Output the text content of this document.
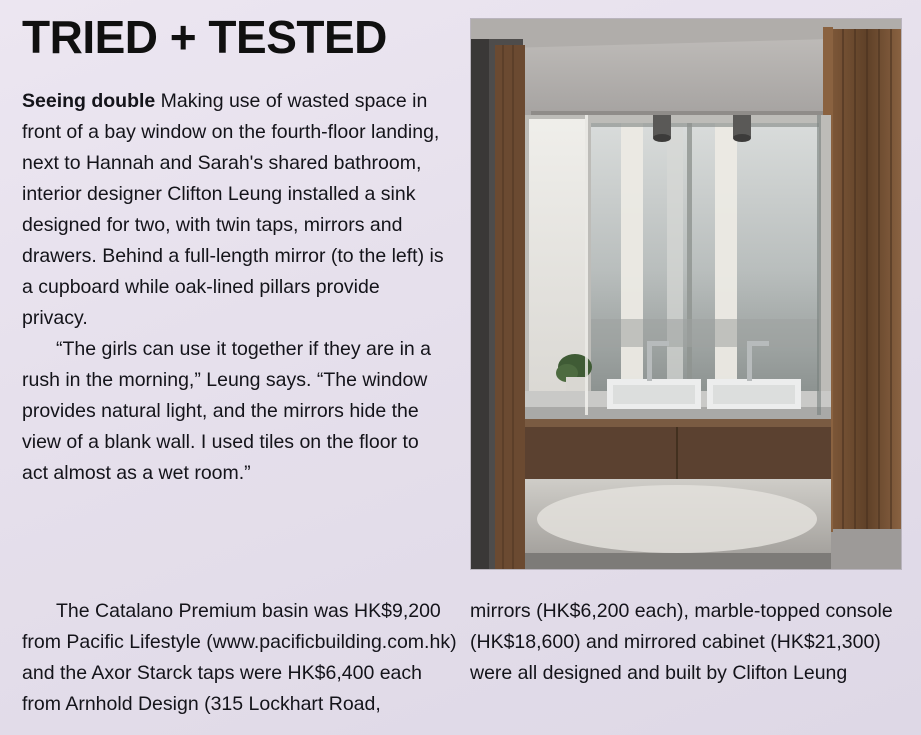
TRIED + TESTED

Seeing double Making use of wasted space in front of a bay window on the fourth-floor landing, next to Hannah and Sarah's shared bathroom, interior designer Clifton Leung installed a sink designed for two, with twin taps, mirrors and drawers. Behind a full-length mirror (to the left) is a cupboard while oak-lined pillars provide privacy.

“The girls can use it together if they are in a rush in the morning,” Leung says. “The window provides natural light, and the mirrors hide the view of a blank wall. I used tiles on the floor to act almost as a wet room.”

The Catalano Premium basin was HK$9,200 from Pacific Lifestyle (www.pacificbuilding.com.hk) and the Axor Starck taps were HK$6,400 each from Arnhold Design (315 Lockhart Road,

mirrors (HK$6,200 each), marble-topped console (HK$18,600) and mirrored cabinet (HK$21,300) were all designed and built by Clifton Leung
